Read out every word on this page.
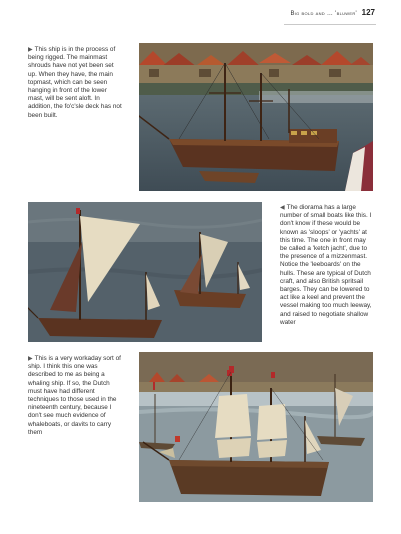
Big bold and … 'bluwer' 127
▶ This ship is in the process of being rigged. The mainmast shrouds have not yet been set up. When they have, the main topmast, which can be seen hanging in front of the lower mast, will be sent aloft. In addition, the fo'c'sle deck has not been built.
◀ The diorama has a large number of small boats like this. I don't know if these would be known as 'sloops' or 'yachts' at this time. The one in front may be called a 'ketch jacht', due to the presence of a mizzenmast. Notice the 'leeboards' on the hulls. These are typical of Dutch craft, and also British spritsail barges. They can be lowered to act like a keel and prevent the vessel making too much leeway, and raised to negotiate shallow water
▶ This is a very workaday sort of ship. I think this one was described to me as being a whaling ship. If so, the Dutch must have had different techniques to those used in the nineteenth century, because I don't see much evidence of whaleboats, or davits to carry them
